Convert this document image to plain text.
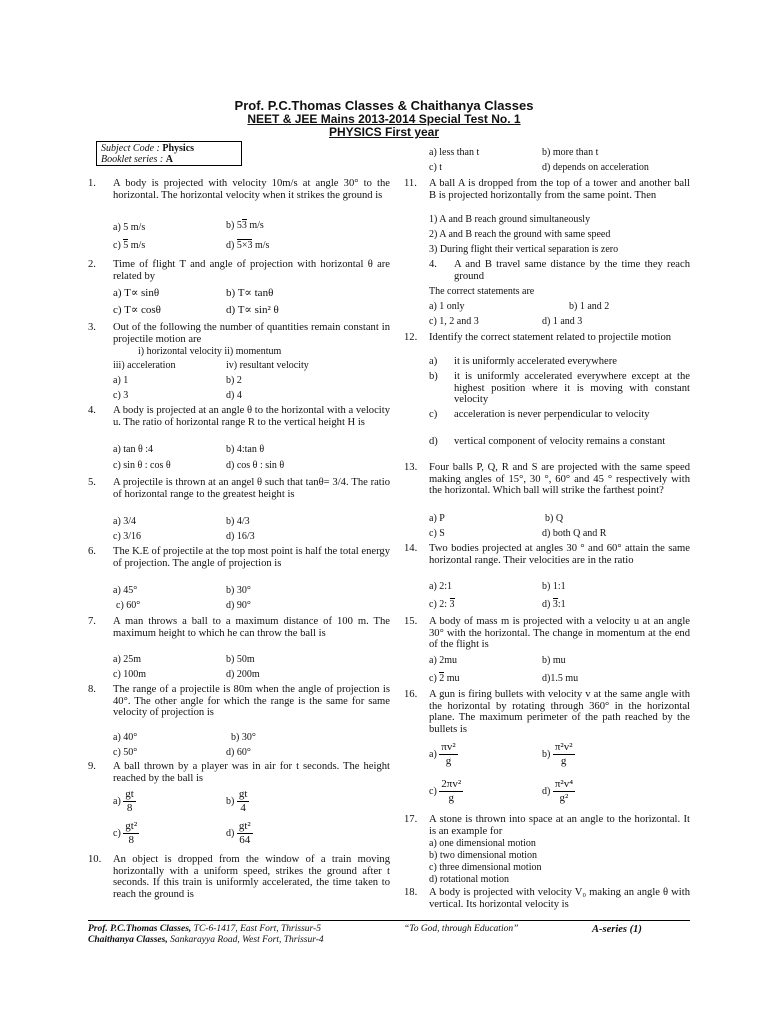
Prof. P.C.Thomas Classes & Chaithanya Classes
NEET & JEE Mains 2013-2014 Special Test No. 1
PHYSICS First year
Subject Code : Physics
Booklet series : A
1.	A body is projected with velocity 10m/s at angle 30° to the horizontal. The horizontal velocity when it strikes the ground is
a) 5 m/s	b) 53 m/s
c) 5 m/s	d) 5×3 m/s
2.	Time of flight T and angle of projection with horizontal θ are related by
a) T∝ sinθ	b) T∝ tanθ
c) T∝ cosθ	d) T∝ sin² θ
3.	Out of the following the number of quantities remain constant in projectile motion are
i) horizontal velocity ii) momentum
iii) acceleration	iv) resultant velocity
a) 1	b) 2
c) 3	d) 4
4.	A body is projected at an angle θ to the horizontal with a velocity u. The ratio of horizontal range R to the vertical height H is
a) tan θ :4	b) 4:tan θ
c) sin θ : cos θ	d) cos θ : sin θ
5.	A projectile is thrown at an angel θ such that tanθ= 3/4. The ratio of horizontal range to the greatest height is
a) 3/4	b) 4/3
c) 3/16	d) 16/3
6.	The K.E of projectile at the top most point is half the total energy of projection. The angle of projection is
a) 45°	b) 30°
c) 60°	d) 90°
7.	A man throws a ball to a maximum distance of 100 m. The maximum height to which he can throw the ball is
a) 25m	b) 50m
c) 100m	d) 200m
8.	The range of a projectile is 80m when the angle of projection is 40°. The other angle for which the range is the same for same velocity of projection is
a) 40°	b) 30°
c) 50°	d) 60°
9.	A ball thrown by a player was in air for t seconds. The height reached by the ball is
$a) \frac{gt}{8}$	$b) \frac{gt}{4}$
$c) \frac{\text{gt²}}{8}$	$d) \frac{\text{gt²}}{64}$
10.	An object is dropped from the window of a train moving horizontally with a uniform speed, strikes the ground after t seconds. If this train is uniformly accelerated, the time taken to reach the ground is
a) less than t	b) more than t
c) t	d) depends on acceleration
11.	A ball A is dropped from the top of a tower and another ball B is projected horizontally from the same point. Then
1) A and B reach ground simultaneously
2) A and B reach the ground with same speed
3) During flight their vertical separation is zero
4.	A and B travel same distance by the time they reach ground
The correct statements are
a) 1 only	b) 1 and 2
c) 1, 2 and 3	d) 1 and 3
12.	Identify the correct statement related to projectile motion
a)	it is uniformly accelerated everywhere
b)	it is uniformly accelerated everywhere except at the highest position where it is moving with constant velocity
c)	acceleration is never perpendicular to velocity
d)	vertical component of velocity remains a constant
13.	Four balls P, Q, R and S are projected with the same speed making angles of 15°, 30 °, 60° and 45 ° respectively with the horizontal. Which ball will strike the farthest point?
a) P	b) Q
c) S	d) both Q and R
14.	Two bodies projected at angles 30 ° and 60° attain the same horizontal range. Their velocities are in the ratio
a) 2:1	b) 1:1
c) 2: 3	d) 3:1
15.	A body of mass m is projected with a velocity u at an angle 30° with the horizontal. The change in momentum at the end of the flight is
a) 2mu	b) mu
c) 2 mu	d)1.5 mu
16.	A gun is firing bullets with velocity v at the same angle with the horizontal by rotating through 360° in the horizontal plane. The maximum perimeter of the path reached by the bullets is
$a) \frac{\text{πv²}}{g}$	$b) \frac{\text{π²v²}}{g}$
$c) \frac{\text{2πv²}}{g}$	$d) \frac{\text{π²v⁴}}{\text{g²}}$
17.	A stone is thrown into space at an angle to the horizontal. It is an example for
a) one dimensional motion
b) two dimensional motion
c) three dimensional motion
d) rotational motion
18.	A body is projected with velocity V₀ making an angle θ with vertical. Its horizontal velocity is
Prof. P.C.Thomas Classes, TC-6-1417, East Fort, Thrissur-5
Chaithanya Classes, Sankarayya Road, West Fort, Thrissur-4
“To God, through Education”	A-series (1)
